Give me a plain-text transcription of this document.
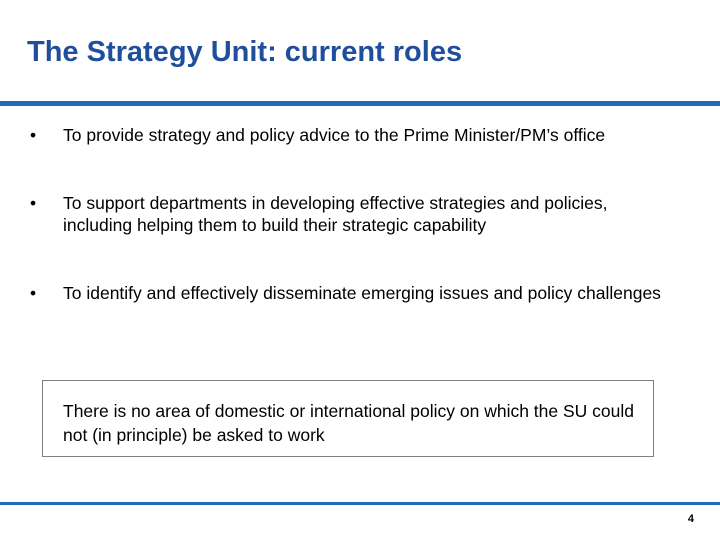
The Strategy Unit: current roles
•	To provide strategy and policy advice to the Prime Minister/PM’s office
•	To support departments in developing effective strategies and policies, including helping them to build their strategic capability
•	To identify and effectively disseminate emerging issues and policy challenges
There is no area of domestic or international policy on which the SU could not (in principle) be asked to work
4
